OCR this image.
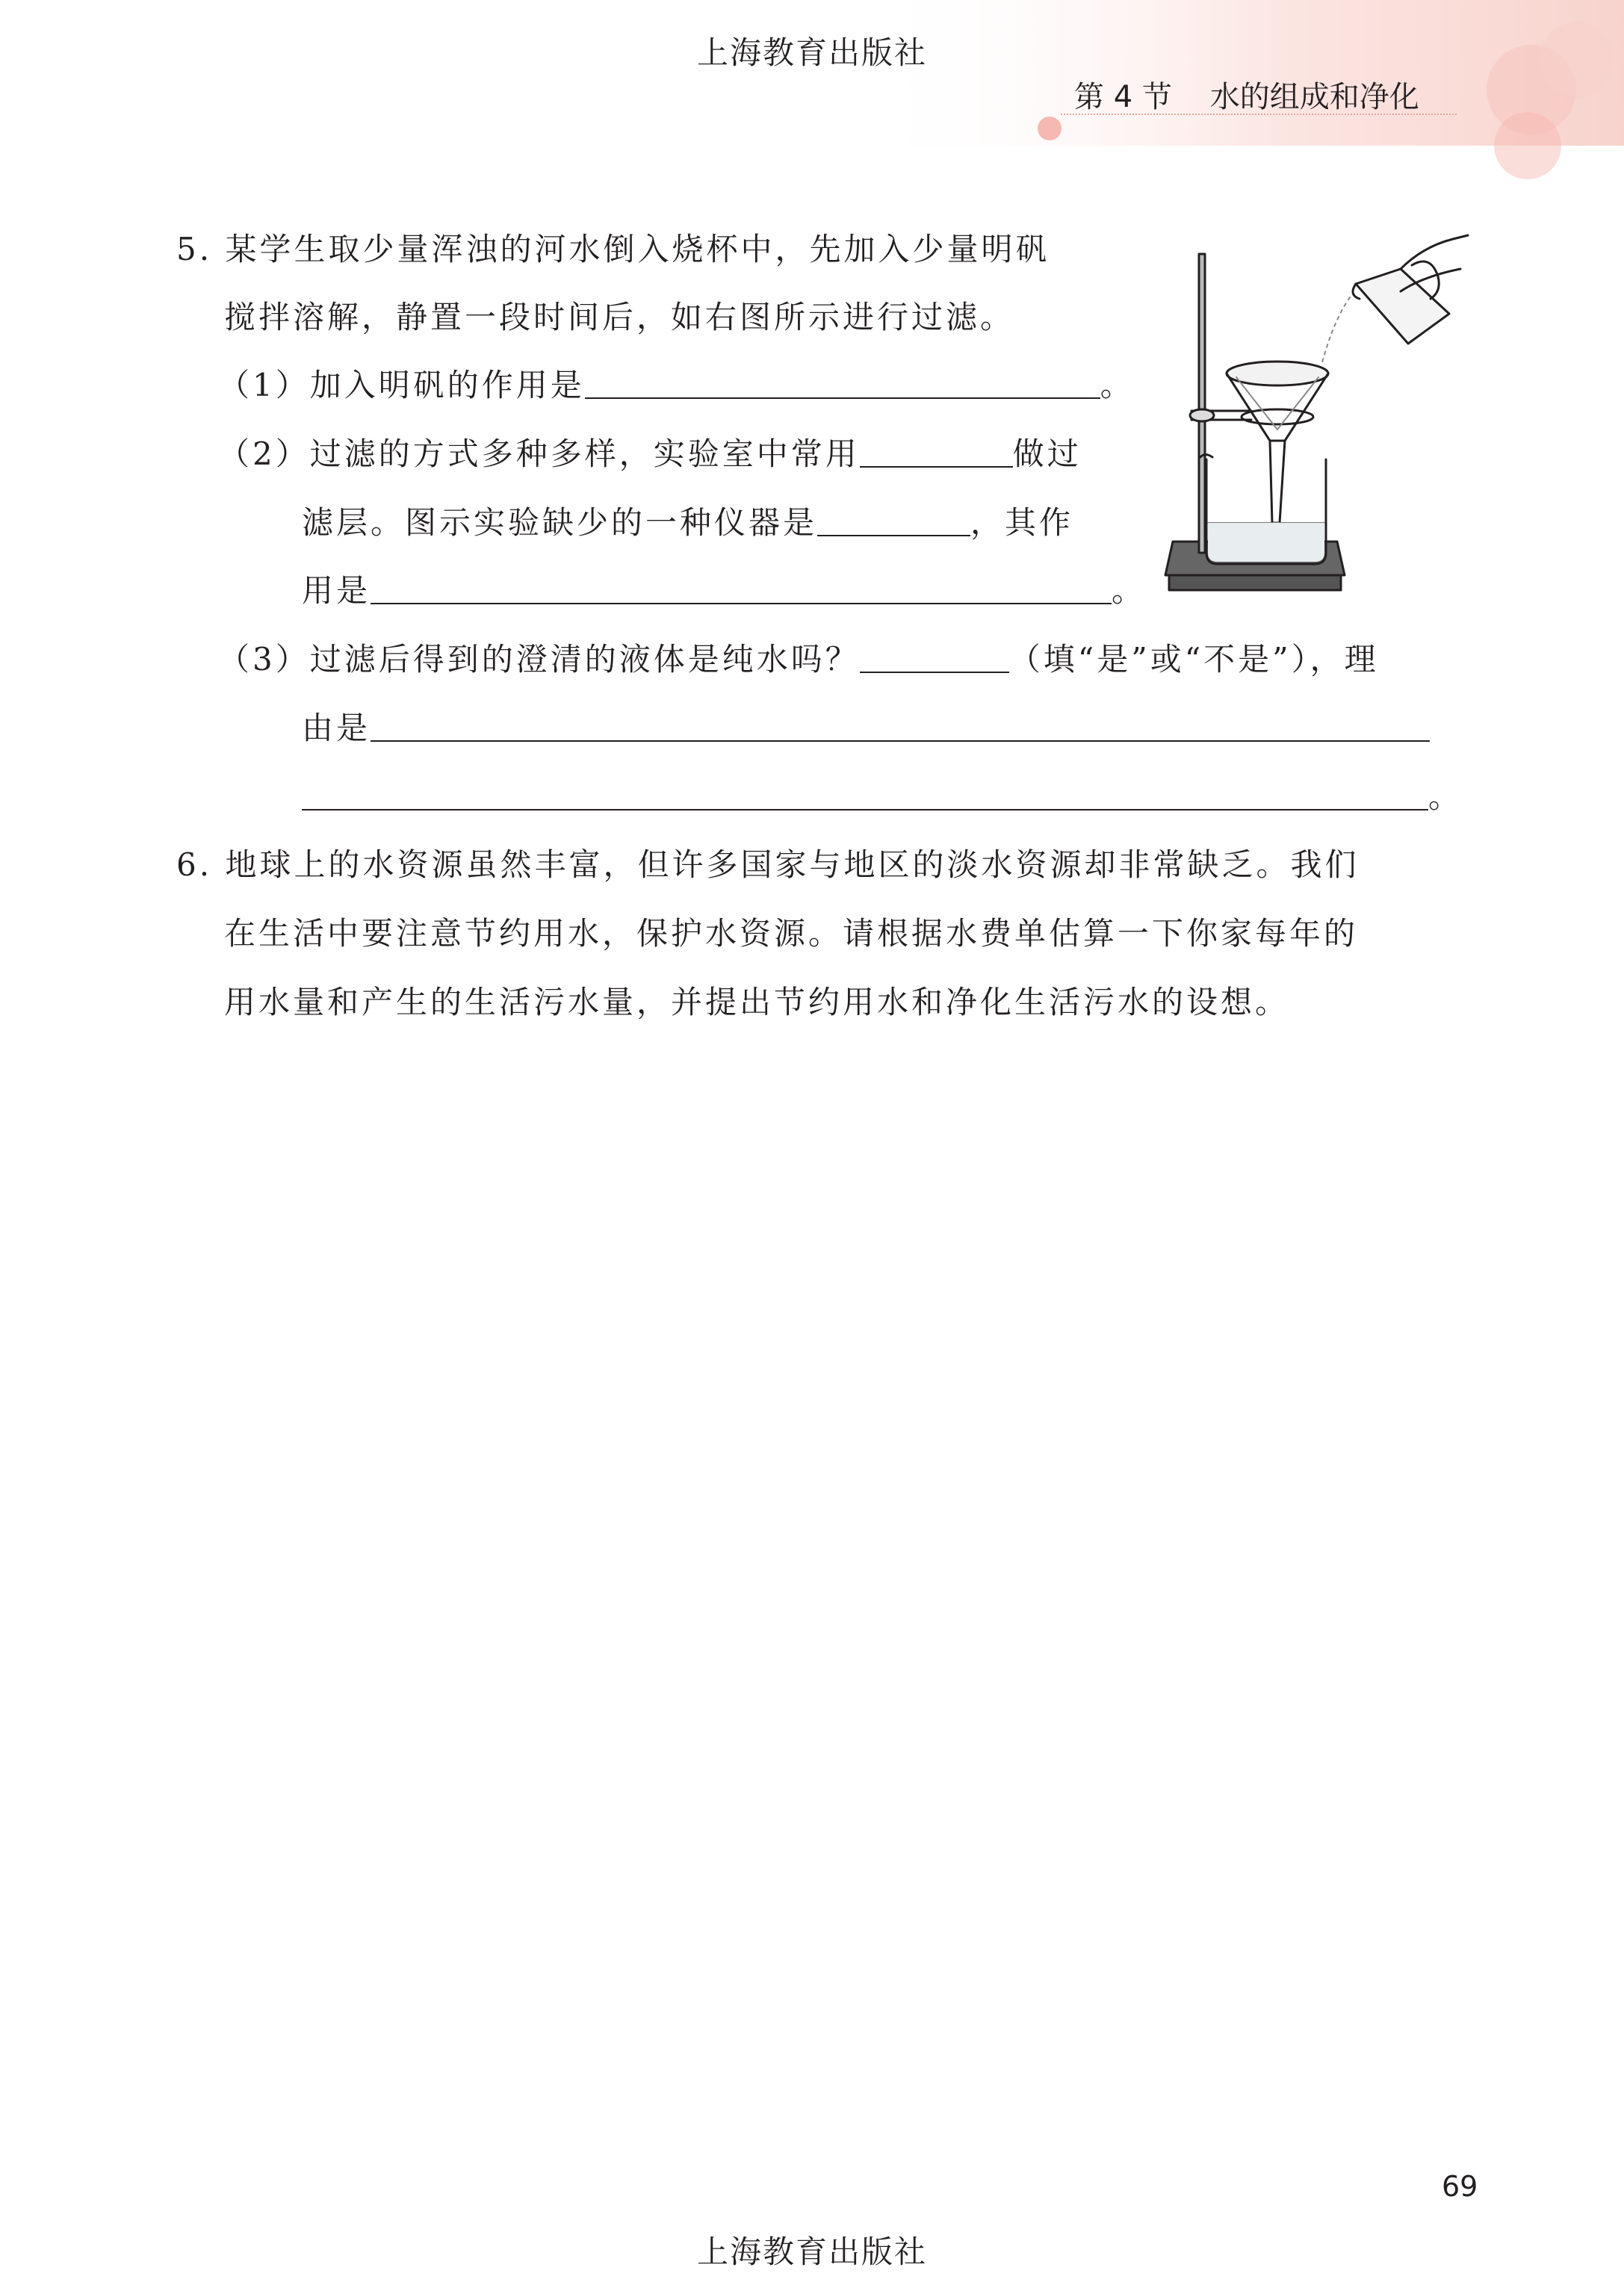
上海教育出版社
第 4 节 水的组成和净化
5. 某学生取少量浑浊的河水倒入烧杯中，先加入少量明矾
搅拌溶解，静置一段时间后，如右图所示进行过滤。
（1）加入明矾的作用是	。
（2）过滤的方式多种多样，实验室中常用	做过
滤层。图示实验缺少的一种仪器是	，其作
用是	。
（3）过滤后得到的澄清的液体是纯水吗？	（填“是”或“不是”），理
由是
。
6. 地球上的水资源虽然丰富，但许多国家与地区的淡水资源却非常缺乏。我们
在生活中要注意节约用水，保护水资源。请根据水费单估算一下你家每年的
用水量和产生的生活污水量，并提出节约用水和净化生活污水的设想。
69
上海教育出版社
